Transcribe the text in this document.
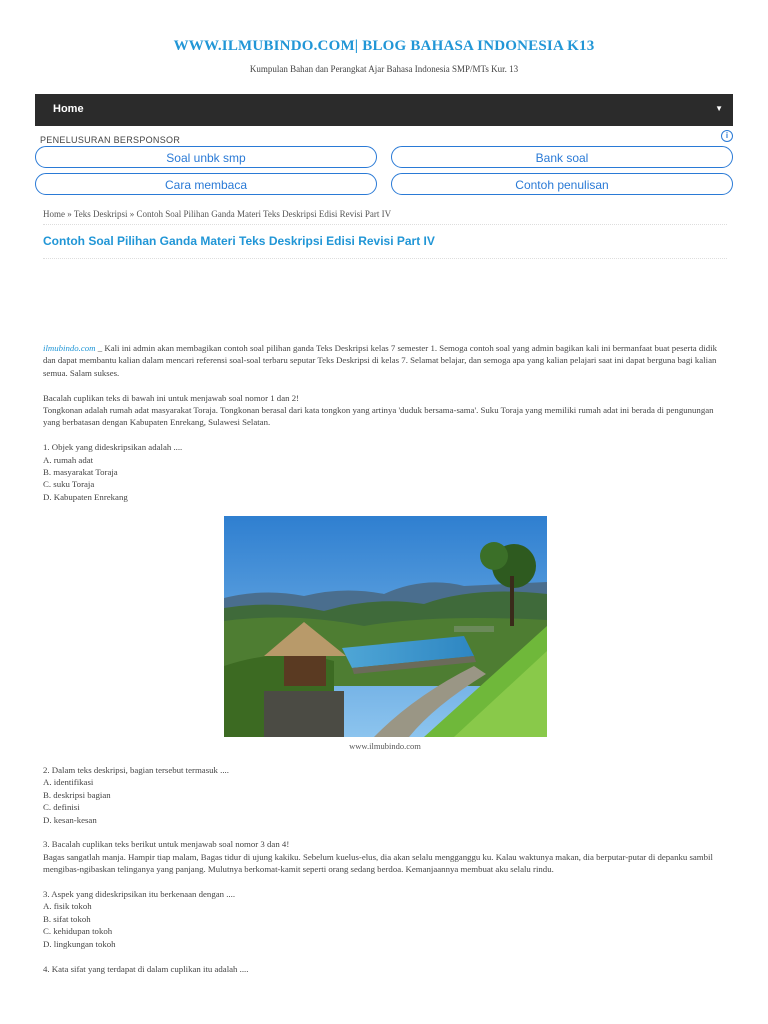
WWW.ILMUBINDO.COM| BLOG BAHASA INDONESIA K13
Kumpulan Bahan dan Perangkat Ajar Bahasa Indonesia SMP/MTs Kur. 13
Home	▼
PENELUSURAN BERSPONSOR	i
Soal unbk smp	Bank soal
Cara membaca	Contoh penulisan
Home » Teks Deskripsi » Contoh Soal Pilihan Ganda Materi Teks Deskripsi Edisi Revisi Part IV
Contoh Soal Pilihan Ganda Materi Teks Deskripsi Edisi Revisi Part IV

ilmubindo.com _ Kali ini admin akan membagikan contoh soal pilihan ganda Teks Deskripsi kelas 7 semester 1. Semoga contoh soal yang admin bagikan kali ini bermanfaat buat peserta didik dan dapat membantu kalian dalam mencari referensi soal-soal terbaru seputar Teks Deskripsi di kelas 7. Selamat belajar, dan semoga apa yang kalian pelajari saat ini dapat berguna bagi kalian semua. Salam sukses.

Bacalah cuplikan teks di bawah ini untuk menjawab soal nomor 1 dan 2!
Tongkonan adalah rumah adat masyarakat Toraja. Tongkonan berasal dari kata tongkon yang artinya 'duduk bersama-sama'. Suku Toraja yang memiliki rumah adat ini berada di pengunungan yang berbatasan dengan Kabupaten Enrekang, Sulawesi Selatan.

1. Objek yang dideskripsikan adalah ....
A. rumah adat
B. masyarakat Toraja
C. suku Toraja
D. Kabupaten Enrekang

www.ilmubindo.com

2. Dalam teks deskripsi, bagian tersebut termasuk ....
A. identifikasi
B. deskripsi bagian
C. definisi
D. kesan-kesan

3. Bacalah cuplikan teks berikut untuk menjawab soal nomor 3 dan 4!
Bagas sangatlah manja. Hampir tiap malam, Bagas tidur di ujung kakiku. Sebelum kuelus-elus, dia akan selalu mengganggu ku. Kalau waktunya makan, dia berputar-putar di depanku sambil mengibas-ngibaskan telinganya yang panjang. Mulutnya berkomat-kamit seperti orang sedang berdoa. Kemanjaannya membuat aku selalu rindu.

3. Aspek yang dideskripsikan itu berkenaan dengan ....
A. fisik tokoh
B. sifat tokoh
C. kehidupan tokoh
D. lingkungan tokoh

4. Kata sifat yang terdapat di dalam cuplikan itu adalah ....
